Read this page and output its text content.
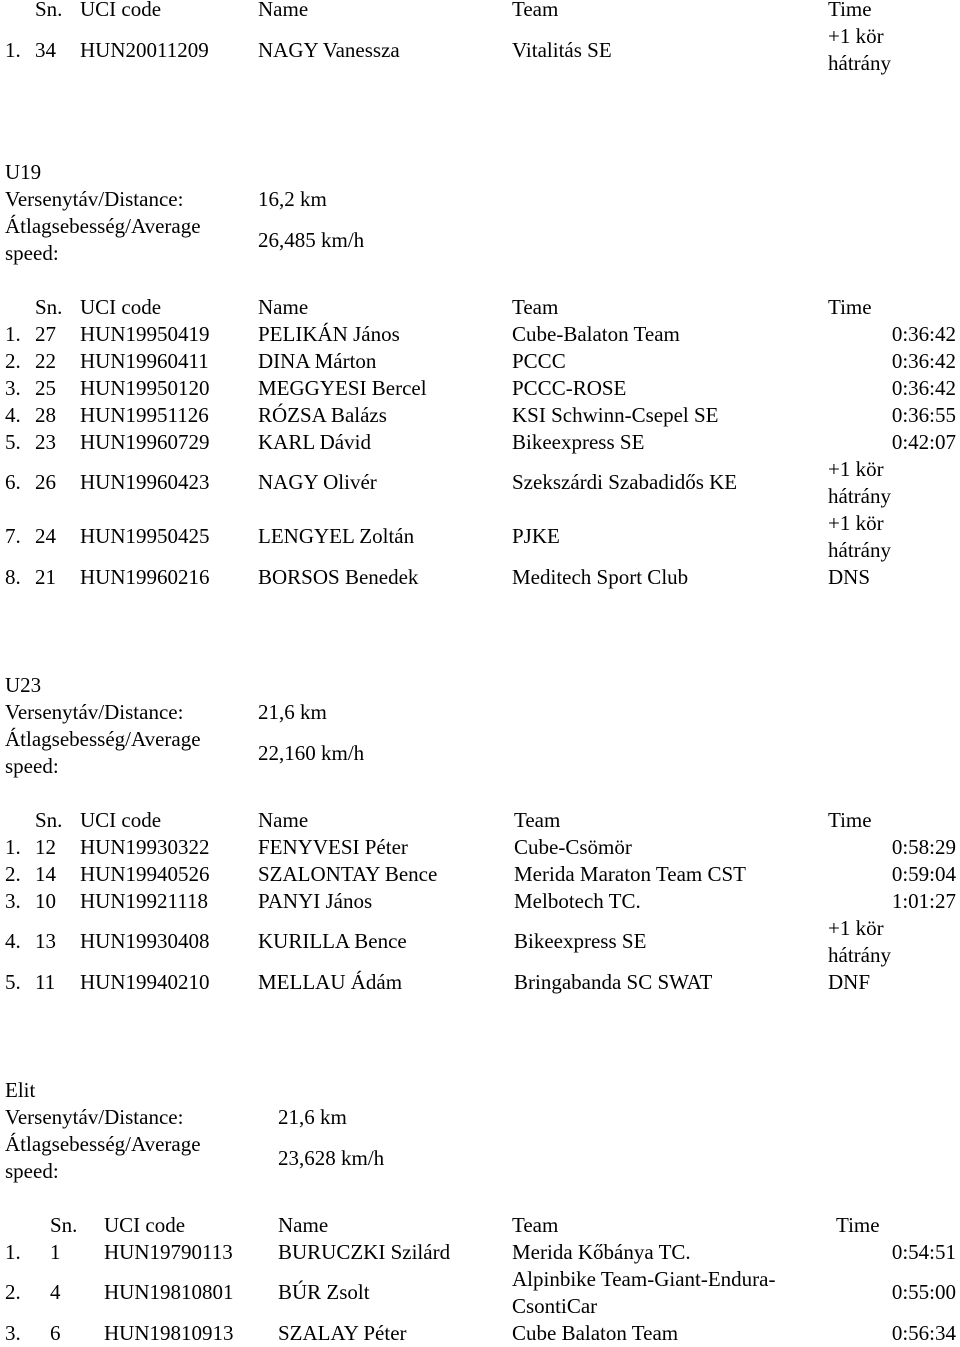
Sn. UCI code	Name	Team	Time
1. 34 HUN20011209 NAGY Vanessza	Vitalitás SE
+1 kör
hátrány
U19
Versenytáv/Distance:	16,2 km
Átlagsebesség/Average
speed:
26,485 km/h
Sn. UCI code	Name	Team	Time
1. 27 HUN19950419 PELIKÁN János	Cube-Balaton Team	0:36:42
2. 22 HUN19960411 DINA Márton	PCCC	0:36:42
3. 25 HUN19950120 MEGGYESI Bercel	PCCC-ROSE	0:36:42
4. 28 HUN19951126 RÓZSA Balázs	KSI Schwinn-Csepel SE	0:36:55
5. 23 HUN19960729 KARL Dávid	Bikeexpress SE	0:42:07
6. 26 HUN19960423 NAGY Olivér	Szekszárdi Szabadidős KE
+1 kör
hátrány
7. 24 HUN19950425 LENGYEL Zoltán	PJKE
+1 kör
hátrány
8. 21 HUN19960216 BORSOS Benedek	Meditech Sport Club	DNS
U23
Versenytáv/Distance:	21,6 km
Átlagsebesség/Average
speed:
22,160 km/h
Sn. UCI code	Name	Team	Time
1. 12 HUN19930322 FENYVESI Péter	Cube-Csömör	0:58:29
2. 14 HUN19940526 SZALONTAY Bence	Merida Maraton Team CST	0:59:04
3. 10 HUN19921118 PANYI János	Melbotech TC.	1:01:27
4. 13 HUN19930408 KURILLA Bence	Bikeexpress SE
+1 kör
hátrány
5. 11 HUN19940210 MELLAU Ádám	Bringabanda SC SWAT	DNF
Elit
Versenytáv/Distance:	21,6 km
Átlagsebesség/Average
speed:
23,628 km/h
Sn. UCI code	Name	Team	Time
1. 1 HUN19790113 BURUCZKI Szilárd	Merida Kőbánya TC.	0:54:51
2. 4 HUN19810801 BÚR Zsolt
Alpinbike Team-Giant-Endura-
CsontiCar
0:55:00
3. 6 HUN19810913 SZALAY Péter	Cube Balaton Team	0:56:34
